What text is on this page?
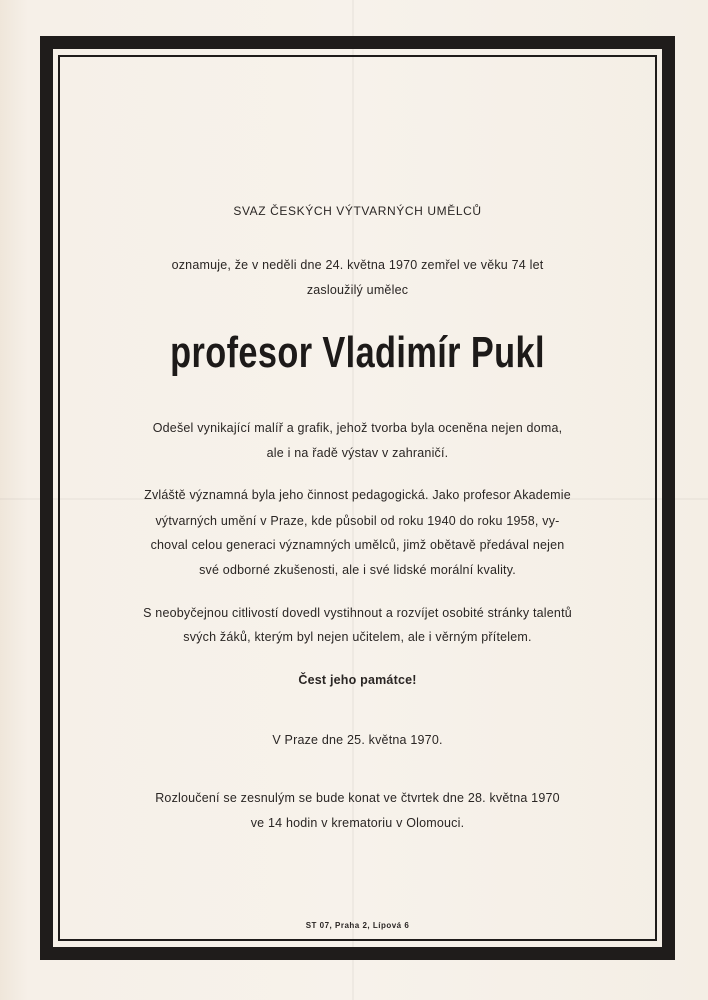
SVAZ ČESKÝCH VÝTVARNÝCH UMĚLCŮ
oznamuje, že v neděli dne 24. května 1970 zemřel ve věku 74 let
zasloužilý umělec
profesor Vladimír Pukl
Odešel vynikající malíř a grafik, jehož tvorba byla oceněna nejen doma,
ale i na řadě výstav v zahraničí.
Zvláště významná byla jeho činnost pedagogická. Jako profesor Akademie
výtvarných umění v Praze, kde působil od roku 1940 do roku 1958, vy-
choval celou generaci významných umělců, jimž obětavě předával nejen
své odborné zkušenosti, ale i své lidské morální kvality.
S neobyčejnou citlivostí dovedl vystihnout a rozvíjet osobité stránky talentů
svých žáků, kterým byl nejen učitelem, ale i věrným přítelem.
Čest jeho památce!
V Praze dne 25. května 1970.
Rozloučení se zesnulým se bude konat ve čtvrtek dne 28. května 1970
ve 14 hodin v krematoriu v Olomouci.
ST 07, Praha 2, Lípová 6
